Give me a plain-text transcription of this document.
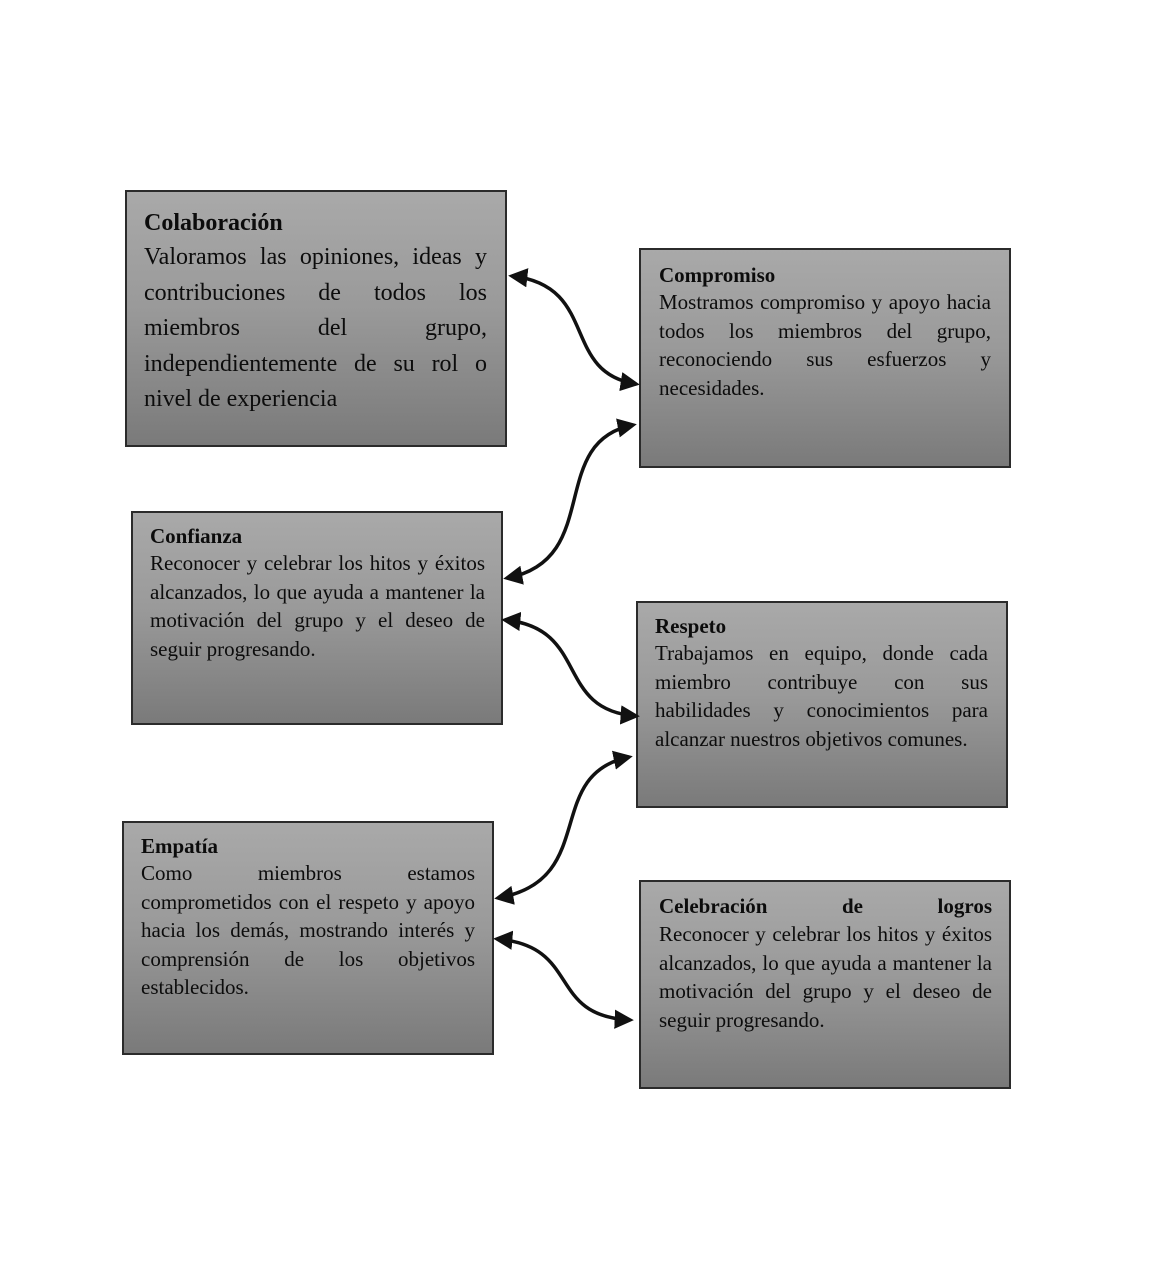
Colaboración

Valoramos las opiniones, ideas y contribuciones de todos los miembros del grupo, independientemente de su rol o nivel de experiencia

Compromiso

Mostramos compromiso y apoyo hacia todos los miembros del grupo, reconociendo sus esfuerzos y necesidades.

Confianza

Reconocer y celebrar los hitos y éxitos alcanzados, lo que ayuda a mantener la motivación del grupo y el deseo de seguir progresando.

Respeto

Trabajamos en equipo, donde cada miembro contribuye con sus habilidades y conocimientos para alcanzar nuestros objetivos comunes.

Empatía

Como miembros estamos comprometidos con el respeto y apoyo hacia los demás, mostrando interés y comprensión de los objetivos establecidos.

Celebración de logros

Reconocer y celebrar los hitos y éxitos alcanzados, lo que ayuda a mantener la motivación del grupo y el deseo de seguir progresando.
